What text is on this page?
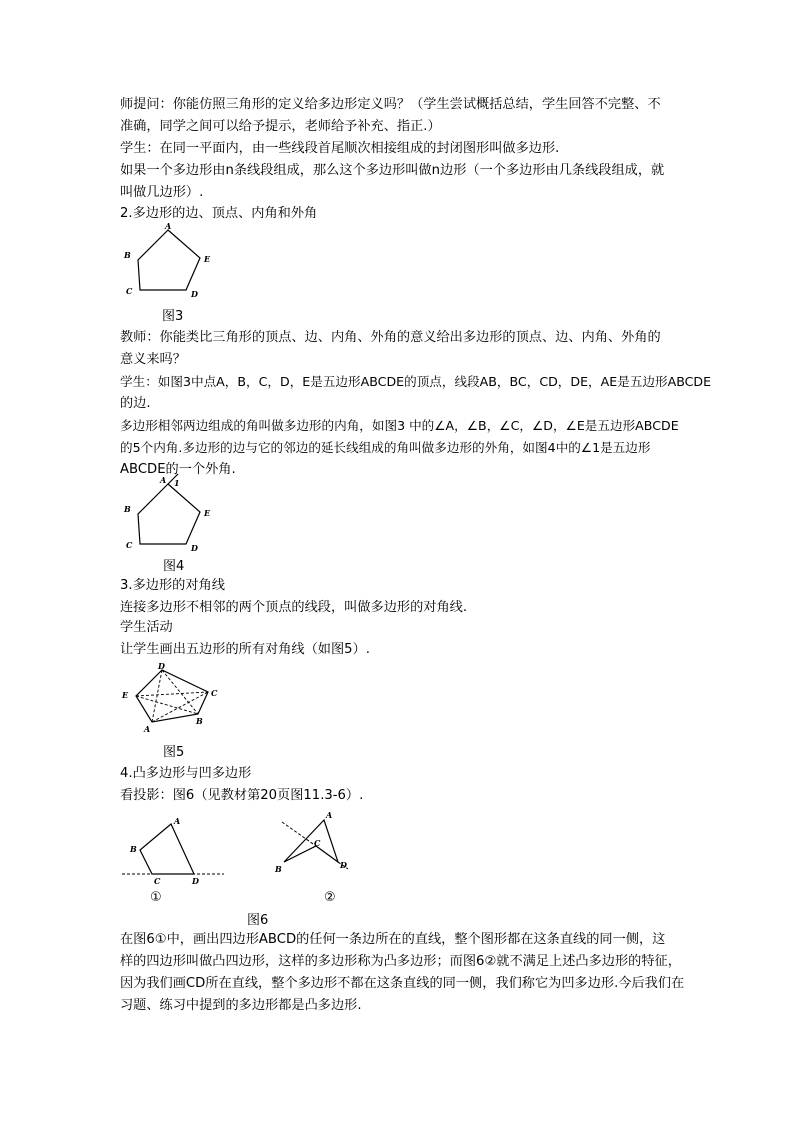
师提问：你能仿照三角形的定义给多边形定义吗？（学生尝试概括总结，学生回答不完整、不
准确，同学之间可以给予提示，老师给予补充、指正.）
学生：在同一平面内，由一些线段首尾顺次相接组成的封闭图形叫做多边形.
如果一个多边形由n条线段组成，那么这个多边形叫做n边形（一个多边形由几条线段组成，就
叫做几边形）.
2.多边形的边、顶点、内角和外角
A
B
C	D
E
图3
教师：你能类比三角形的顶点、边、内角、外角的意义给出多边形的顶点、边、内角、外角的
意义来吗？
学生：如图3中点A，B，C，D，E是五边形ABCDE的顶点，线段AB，BC，CD，DE，AE是五边形ABCDE
的边.
多边形相邻两边组成的角叫做多边形的内角，如图3 中的∠A，∠B，∠C，∠D，∠E是五边形ABCDE
的5个内角.多边形的边与它的邻边的延长线组成的角叫做多边形的外角，如图4中的∠1是五边形
ABCDE的一个外角.
A 1
B
C	D
E
图4
3.多边形的对角线
连接多边形不相邻的两个顶点的线段，叫做多边形的对角线.
学生活动
让学生画出五边形的所有对角线（如图5）.
D
E	C
A
B
图5
4.凸多边形与凹多边形
看投影：图6（见教材第20页图11.3-6）.
A
B
C	D
①
A
C
B	D
②
图6
在图6①中，画出四边形ABCD的任何一条边所在的直线，整个图形都在这条直线的同一侧，这
样的四边形叫做凸四边形，这样的多边形称为凸多边形；而图6②就不满足上述凸多边形的特征，
因为我们画CD所在直线，整个多边形不都在这条直线的同一侧，我们称它为凹多边形.今后我们在
习题、练习中提到的多边形都是凸多边形.
